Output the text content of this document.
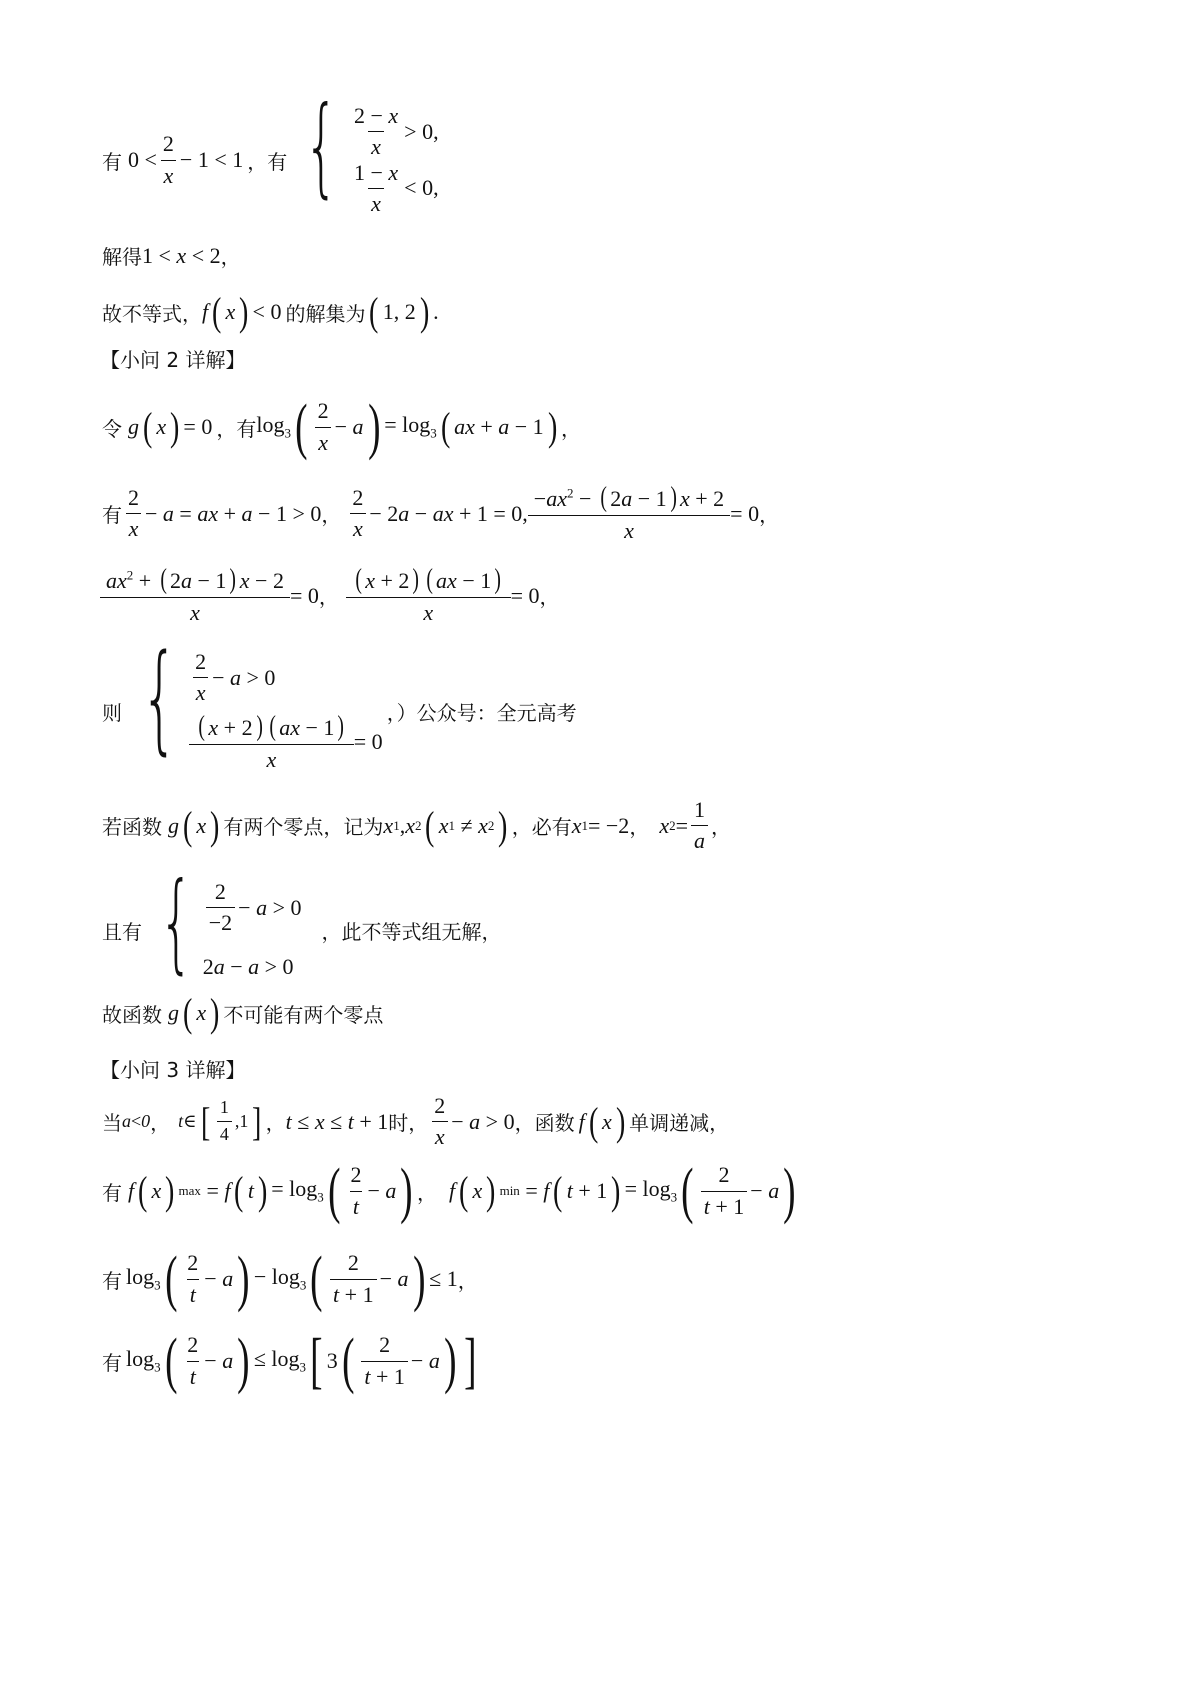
有 $0 < \frac{2}{x} - 1 < 1$ ，有 { $\frac{2 - x}{x} > 0$,
$\frac{1 - x}{x} < 0$,
解得 1 < x < 2 ，
故不等式， f ( x ) < 0 的解集为 ( 1, 2 ) .
【小问 2 详解】
令 g ( x ) = 0 ，有 $\log_3$ ( $\frac{2}{x} - a$ ) = $\log_3$ ( ax + a − 1 ) ，
有 $\frac{2}{x} - a$ = ax + a − 1 > 0 ， $\frac{2}{x} - 2a$ − ax + 1 = 0, $\frac{-ax^2 - ( 2a - 1 ) x + 2}{x} = 0$ ，
$\frac{ax^2 + ( 2a - 1 ) x - 2}{x} = 0$ ， $\frac{( x + 2 ) ( ax - 1 )}{x} = 0$ ，
则 { $\frac{2}{x} - a > 0$
$\frac{( x + 2 ) ( ax - 1 )}{x} = 0$
，）公众号：全元高考
若函数 g ( x ) 有两个零点，记为 x 1 , x 2 ( x 1 ≠ x 2 ) ，必有 x 1 = −2 ， x $2 = \frac{1}{a}$ ，
且有 { $\frac{2}{-2} - a > 0$
2a − a > 0
，此不等式组无解，
故函数 g ( x ) 不可能有两个零点
【小问 3 详解】
当 a < 0 ， t ∈ [ $\frac{1}{4} ,1$ ] ， t ≤ x ≤ t + 1 时， $\frac{2}{x} - a > 0$ ，函数 f ( x ) 单调递减，
有 f ( x ) max = f ( t ) = $\log_3$ ( $\frac{2}{t} - a$ ) ， f ( x ) min = f ( t + 1 ) = $\log_3$ ( $\frac{2}{t + 1} - a$ )
有 $\log_3$ ( $\frac{2}{t} - a$ ) − $\log_3$ ( $\frac{2}{t + 1} - a$ ) ≤ 1 ，
有 $\log_3$ ( $\frac{2}{t} - a$ ) ≤ $\log_3$ [ 3 ( $\frac{2}{t + 1} - a$ ) ]
